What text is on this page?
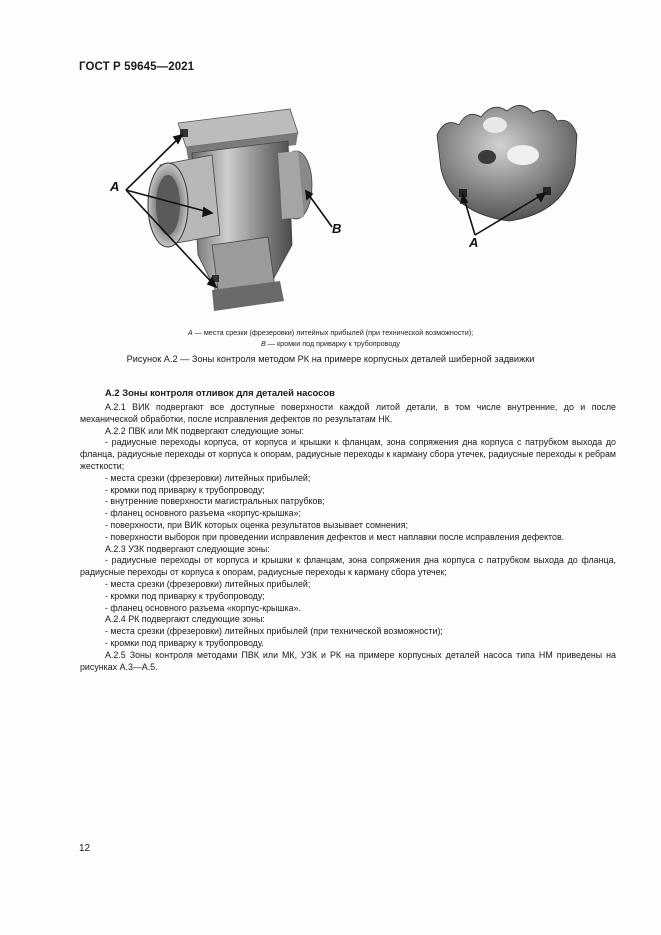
ГОСТ Р 59645—2021
А
В
А
А — места срезки (фрезеровки) литейных прибылей (при технической возможности);
В — кромки под приварку к трубопроводу
Рисунок А.2 — Зоны контроля методом РК на примере корпусных деталей шиберной задвижки
А.2 Зоны контроля отливок для деталей насосов

А.2.1 ВИК подвергают все доступные поверхности каждой литой детали, в том числе внутренние, до и после механической обработки, после исправления дефектов по результатам НК.

А.2.2 ПВК или МК подвергают следующие зоны:

- радиусные переходы корпуса, от корпуса и крышки к фланцам, зона сопряжения дна корпуса с патрубком выхода до фланца, радиусные переходы от корпуса к опорам, радиусные переходы к карману сбора утечек, радиусные переходы к ребрам жесткости;

- места срезки (фрезеровки) литейных прибылей;

- кромки под приварку к трубопроводу;

- внутренние поверхности магистральных патрубков;

- фланец основного разъема «корпус-крышка»;

- поверхности, при ВИК которых оценка результатов вызывает сомнения;

- поверхности выборок при проведении исправления дефектов и мест наплавки после исправления дефектов.

А.2.3 УЗК подвергают следующие зоны:

- радиусные переходы от корпуса и крышки к фланцам, зона сопряжения дна корпуса с патрубком выхода до фланца, радиусные переходы от корпуса к опорам, радиусные переходы к карману сбора утечек;

- места срезки (фрезеровки) литейных прибылей;

- кромки под приварку к трубопроводу;

- фланец основного разъема «корпус-крышка».

А.2.4 РК подвергают следующие зоны:

- места срезки (фрезеровки) литейных прибылей (при технической возможности);

- кромки под приварку к трубопроводу.

А.2.5 Зоны контроля методами ПВК или МК, УЗК и РК на примере корпусных деталей насоса типа НМ приведены на рисунках А.3—А.5.

12
